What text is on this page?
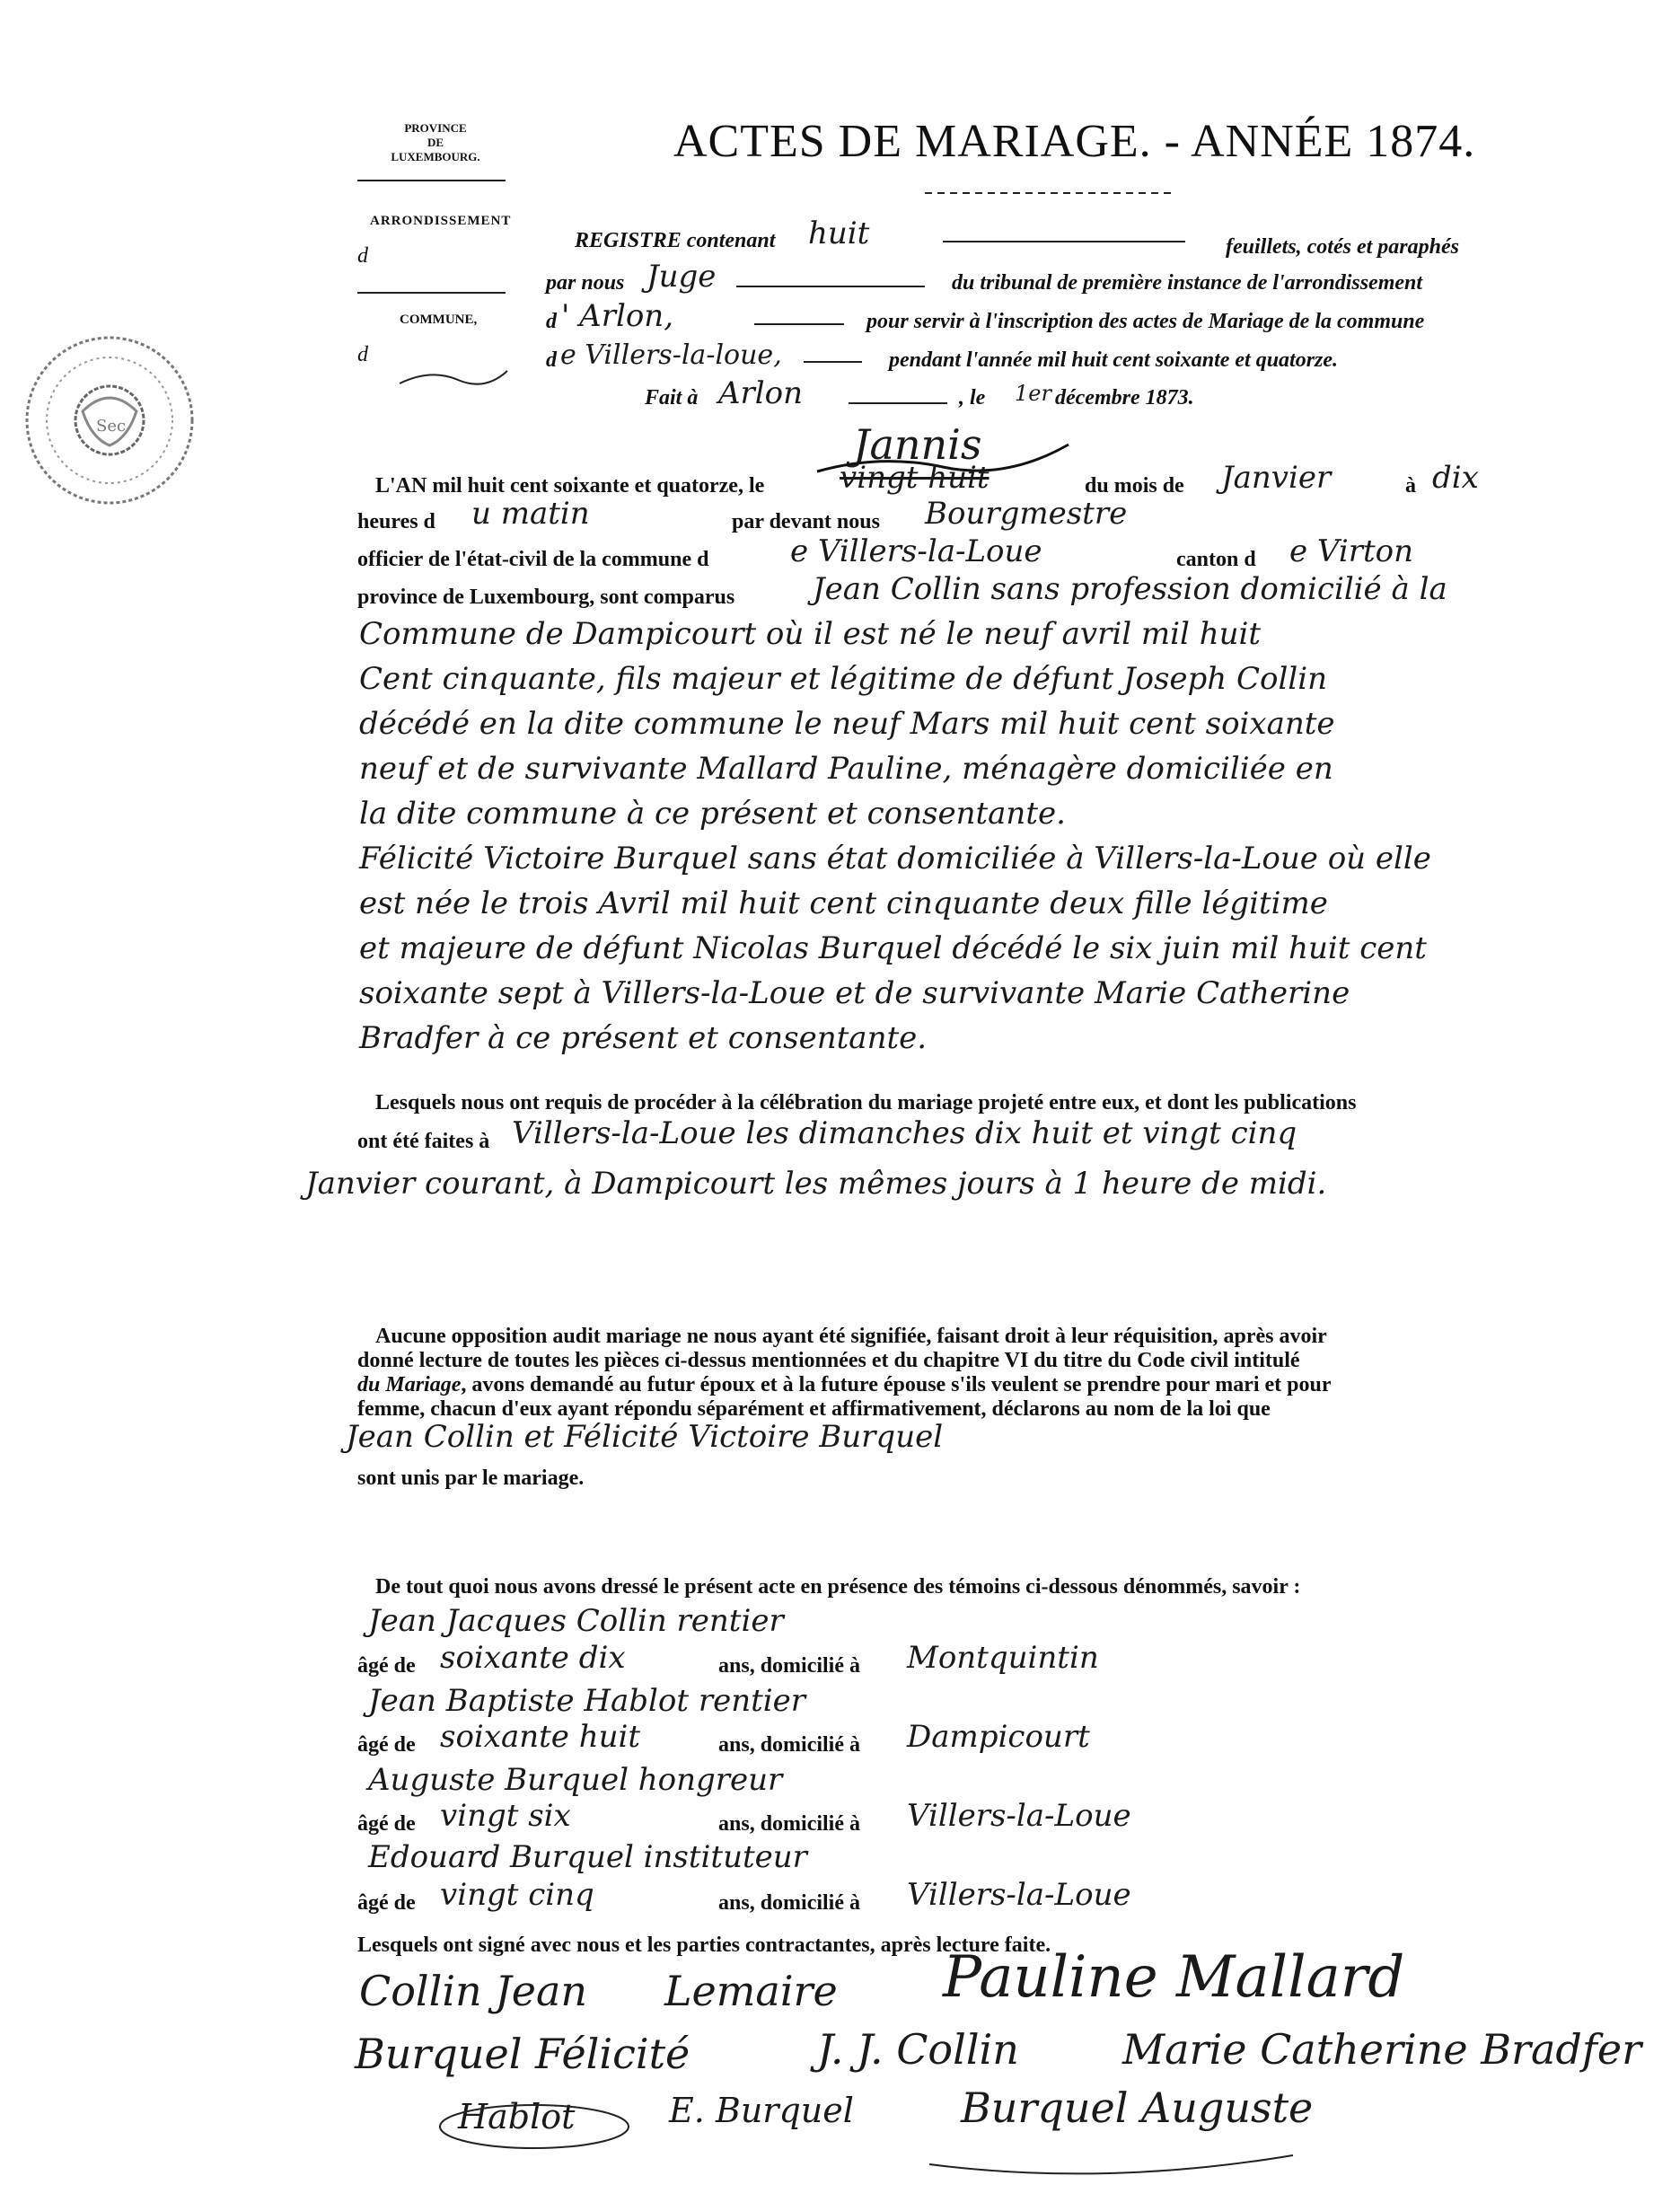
Sec
PROVINCE
DE
LUXEMBOURG.
ARRONDISSEMENT
d
COMMUNE,
d
ACTES DE MARIAGE. - ANNÉE 1874.
REGISTRE contenant huit	feuillets, cotés et paraphés
par nous Juge	du tribunal de première instance de l'arrondissement
d ' Arlon,	pour servir à l'inscription des actes de Mariage de la commune
d e Villers-la-loue,	pendant l'année mil huit cent soixante et quatorze.
Fait à Arlon	, le 1er décembre 1873.
Jannis
L'AN mil huit cent soixante et quatorze, le vingt huit	du mois de Janvier	à dix
heures d u matin	par devant nous Bourgmestre
officier de l'état-civil de la commune d	e Villers-la-Loue	canton d e Virton
province de Luxembourg, sont comparus	Jean Collin sans profession domicilié à la
Commune de Dampicourt où il est né le neuf avril mil huit
Cent cinquante, fils majeur et légitime de défunt Joseph Collin
décédé en la dite commune le neuf Mars mil huit cent soixante
neuf et de survivante Mallard Pauline, ménagère domiciliée en
la dite commune à ce présent et consentante.
Félicité Victoire Burquel sans état domiciliée à Villers-la-Loue où elle
est née le trois Avril mil huit cent cinquante deux fille légitime
et majeure de défunt Nicolas Burquel décédé le six juin mil huit cent
soixante sept à Villers-la-Loue et de survivante Marie Catherine
Bradfer à ce présent et consentante.
Lesquels nous ont requis de procéder à la célébration du mariage projeté entre eux, et dont les publications
ont été faites à Villers-la-Loue les dimanches dix huit et vingt cinq
Janvier courant, à Dampicourt les mêmes jours à 1 heure de midi.
Aucune opposition audit mariage ne nous ayant été signifiée, faisant droit à leur réquisition, après avoir
donné lecture de toutes les pièces ci-dessus mentionnées et du chapitre VI du titre du Code civil intitulé
du Mariage, avons demandé au futur époux et à la future épouse s'ils veulent se prendre pour mari et pour
femme, chacun d'eux ayant répondu séparément et affirmativement, déclarons au nom de la loi que
Jean Collin et Félicité Victoire Burquel
sont unis par le mariage.
De tout quoi nous avons dressé le présent acte en présence des témoins ci-dessous dénommés, savoir :
Jean Jacques Collin rentier
âgé de soixante dix	ans, domicilié à Montquintin
Jean Baptiste Hablot rentier
âgé de soixante huit	ans, domicilié à Dampicourt
Auguste Burquel hongreur
âgé de vingt six	ans, domicilié à Villers-la-Loue
Edouard Burquel instituteur
âgé de vingt cinq	ans, domicilié à Villers-la-Loue
Lesquels ont signé avec nous et les parties contractantes, après lecture faite.
Collin Jean Lemaire Pauline Mallard
Burquel Félicité	J. J. Collin	Marie Catherine Bradfer
Hablot	E. Burquel	Burquel Auguste
